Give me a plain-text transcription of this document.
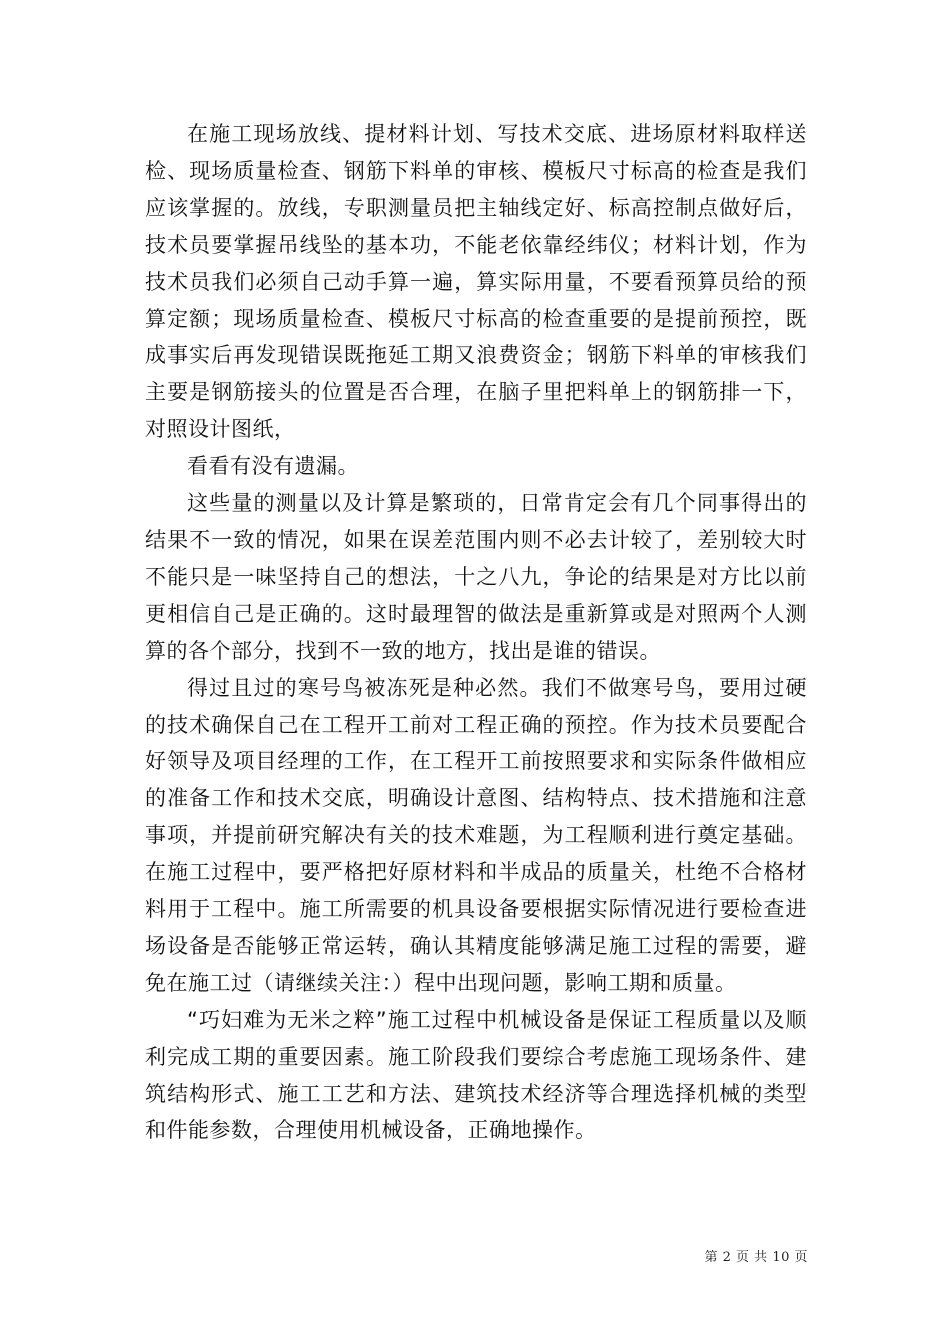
在施工现场放线、提材料计划、写技术交底、进场原材料取样送检、现场质量检查、钢筋下料单的审核、模板尺寸标高的检查是我们应该掌握的。放线，专职测量员把主轴线定好、标高控制点做好后，技术员要掌握吊线坠的基本功，不能老依靠经纬仪；材料计划，作为技术员我们必须自己动手算一遍，算实际用量，不要看预算员给的预算定额；现场质量检查、模板尺寸标高的检查重要的是提前预控，既成事实后再发现错误既拖延工期又浪费资金；钢筋下料单的审核我们主要是钢筋接头的位置是否合理，在脑子里把料单上的钢筋排一下，对照设计图纸，

看看有没有遗漏。

这些量的测量以及计算是繁琐的，日常肯定会有几个同事得出的结果不一致的情况，如果在误差范围内则不必去计较了，差别较大时不能只是一味坚持自己的想法，十之八九，争论的结果是对方比以前更相信自己是正确的。这时最理智的做法是重新算或是对照两个人测算的各个部分，找到不一致的地方，找出是谁的错误。

得过且过的寒号鸟被冻死是种必然。我们不做寒号鸟，要用过硬的技术确保自己在工程开工前对工程正确的预控。作为技术员要配合好领导及项目经理的工作，在工程开工前按照要求和实际条件做相应的准备工作和技术交底，明确设计意图、结构特点、技术措施和注意事项，并提前研究解决有关的技术难题，为工程顺利进行奠定基础。在施工过程中，要严格把好原材料和半成品的质量关，杜绝不合格材料用于工程中。施工所需要的机具设备要根据实际情况进行要检查进场设备是否能够正常运转，确认其精度能够满足施工过程的需要，避免在施工过（请继续关注：）程中出现问题，影响工期和质量。

“巧妇难为无米之粹”施工过程中机械设备是保证工程质量以及顺利完成工期的重要因素。施工阶段我们要综合考虑施工现场条件、建筑结构形式、施工工艺和方法、建筑技术经济等合理选择机械的类型和件能参数，合理使用机械设备，正确地操作。

第 2 页 共 10 页
